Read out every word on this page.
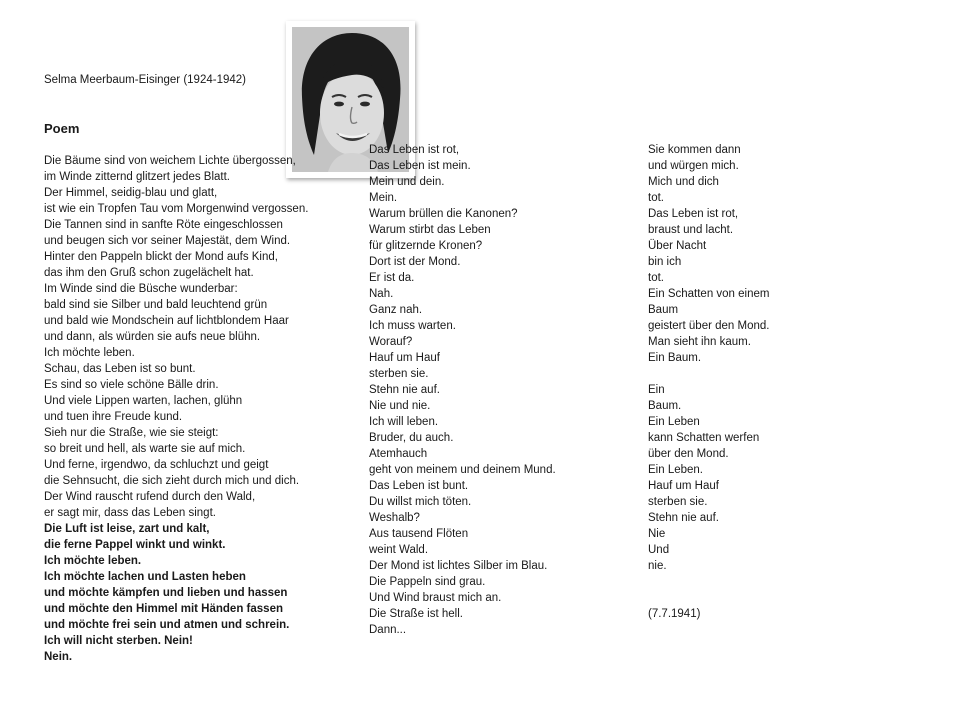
Selma Meerbaum-Eisinger (1924-1942)
Poem
Die Bäume sind von weichem Lichte übergossen,
im Winde zitternd glitzert jedes Blatt.
Der Himmel, seidig-blau und glatt,
ist wie ein Tropfen Tau vom Morgenwind vergossen.
Die Tannen sind in sanfte Röte eingeschlossen
und beugen sich vor seiner Majestät, dem Wind.
Hinter den Pappeln blickt der Mond aufs Kind,
das ihm den Gruß schon zugelächelt hat.
Im Winde sind die Büsche wunderbar:
bald sind sie Silber und bald leuchtend grün
und bald wie Mondschein auf lichtblondem Haar
und dann, als würden sie aufs neue blühn.
Ich möchte leben.
Schau, das Leben ist so bunt.
Es sind so viele schöne Bälle drin.
Und viele Lippen warten, lachen, glühn
und tuen ihre Freude kund.
Sieh nur die Straße, wie sie steigt:
so breit und hell, als warte sie auf mich.
Und ferne, irgendwo, da schluchzt und geigt
die Sehnsucht, die sich zieht durch mich und dich.
Der Wind rauscht rufend durch den Wald,
er sagt mir, dass das Leben singt.
Die Luft ist leise, zart und kalt,
die ferne Pappel winkt und winkt.
Ich möchte leben.
Ich möchte lachen und Lasten heben
und möchte kämpfen und lieben und hassen
und möchte den Himmel mit Händen fassen
und möchte frei sein und atmen und schrein.
Ich will nicht sterben. Nein!
Nein.
Das Leben ist rot,
Das Leben ist mein.
Mein und dein.
Mein.
Warum brüllen die Kanonen?
Warum stirbt das Leben
für glitzernde Kronen?
Dort ist der Mond.
Er ist da.
Nah.
Ganz nah.
Ich muss warten.
Worauf?
Hauf um Hauf
sterben sie.
Stehn nie auf.
Nie und nie.
Ich will leben.
Bruder, du auch.
Atemhauch
geht von meinem und deinem Mund.
Das Leben ist bunt.
Du willst mich töten.
Weshalb?
Aus tausend Flöten
weint Wald.
Der Mond ist lichtes Silber im Blau.
Die Pappeln sind grau.
Und Wind braust mich an.
Die Straße ist hell.
Dann...
Sie kommen dann
und würgen mich.
Mich und dich
tot.
Das Leben ist rot,
braust und lacht.
Über Nacht
bin ich
tot.
Ein Schatten von einem
Baum
geistert über den Mond.
Man sieht ihn kaum.
Ein Baum.
Ein
Baum.
Ein Leben
kann Schatten werfen
über den Mond.
Ein Leben.
Hauf um Hauf
sterben sie.
Stehn nie auf.
Nie
Und
nie.
(7.7.1941)
